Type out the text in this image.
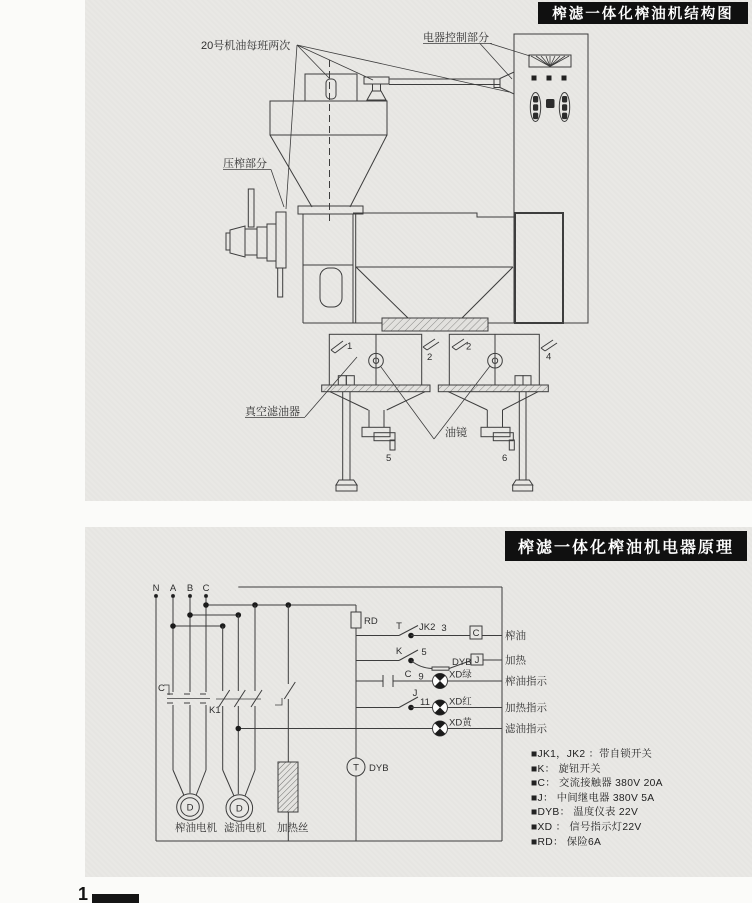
榨滤一体化榨油机结构图
20号机油每班两次
电器控制部分
压榨部分
真空滤油器
油镜
1
2
2
4
5	6
榨滤一体化榨油机电器原理
N A B C
RD T JK2 3	C
K 5
DYB J
C 9	XD绿
J
11 XD红
XD黄
C
K1
D	D
T DYB
榨油
加热
榨油指示
加热指示
滤油指示
榨油电机 滤油电机 加热丝
■JK1，JK2 ：带自锁开关
■K： 旋钮开关
■C： 交流接触器 380V 20A
■J： 中间继电器 380V 5A
■DYB： 温度仪表 22V
■XD ： 信号指示灯22V
■RD： 保险6A
1
